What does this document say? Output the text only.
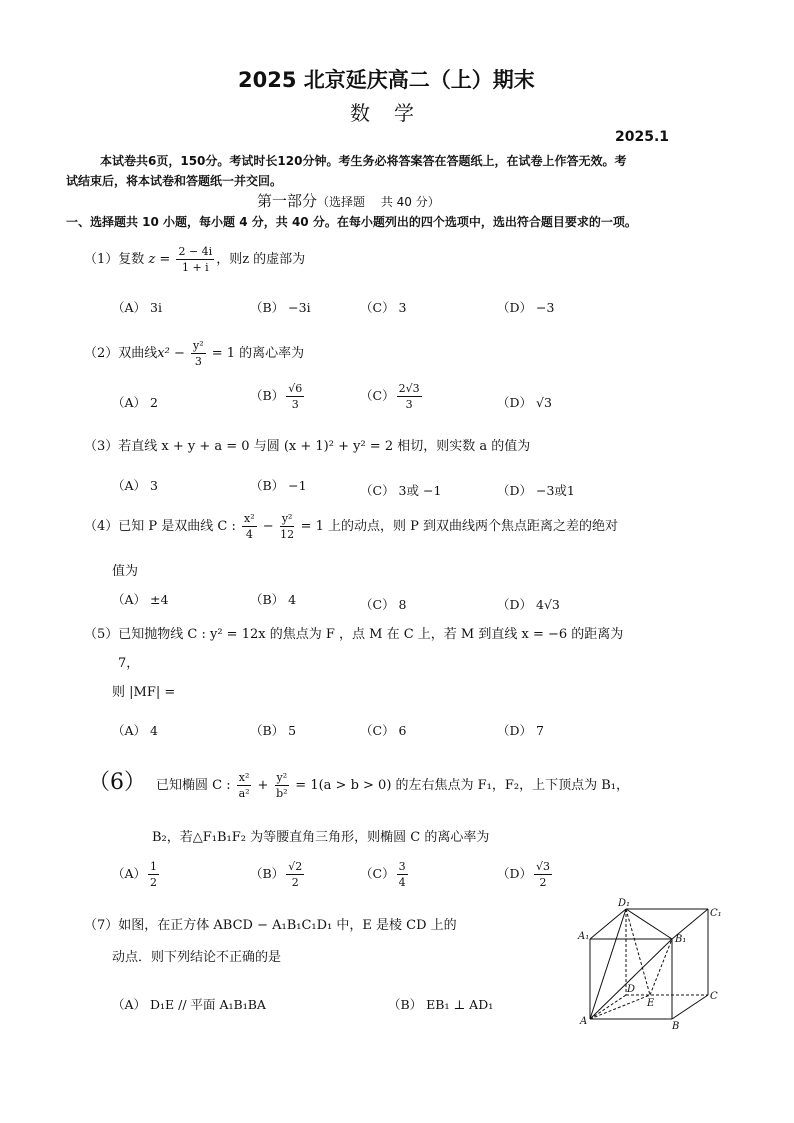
2025 北京延庆高二（上）期末
数　学
2025.1
本试卷共6页，150分。考试时长120分钟。考生务必将答案答在答题纸上，在试卷上作答无效。考
试结束后，将本试卷和答题纸一并交回。
第一部分（选择题　 共 40 分）
一、选择题共 10 小题，每小题 4 分，共 40 分。在每小题列出的四个选项中，选出符合题目要求的一项。
（1）复数 $z = \frac{2 - 4i}{1 + i}$ ，则z 的虚部为
（A） 3i	（B） −3i	（C） 3	（D） −3
（2）双曲线$x^2 - \frac{\text{y²}}{3} = 1$ 的离心率为
（A） 2	$(B) \frac{√6}{3}$	$(C) \frac{2√3}{3}$	（D） √3
（3）若直线 x + y + a = 0 与圆 (x + 1)² + y² = 2 相切，则实数 a 的值为
（A） 3	（B） −1	（C） 3或 −1	（D） −3或1
（4）已知 P 是双曲线 C : $\frac{\text{x²}}{4} - \frac{\text{y²}}{12} = 1$ 上的动点，则 P 到双曲线两个焦点距离之差的绝对
值为
（A） ±4	（B） 4	（C） 8	（D） 4√3
（5）已知抛物线 C : y² = 12x 的焦点为 F ，点 M 在 C 上，若 M 到直线 x = −6 的距离为
7，
则 |MF| =
（A） 4	（B） 5	（C） 6	（D） 7
（6） 已知椭圆 C : $\frac{\text{x²}}{\text{a²}} + \frac{\text{y²}}{\text{b²}} = 1(a > b > 0)$ 的左右焦点为 F₁，F₂，上下顶点为 B₁，
B₂，若△F₁B₁F₂ 为等腰直角三角形，则椭圆 C 的离心率为
$(A) \frac{1}{2}$	$(B) \frac{√2}{2}$	$(C) \frac{3}{4}$	$(D) \frac{√3}{2}$
（7）如图，在正方体 ABCD − A₁B₁C₁D₁ 中，E 是棱 CD 上的
动点．则下列结论不正确的是
（A） D₁E // 平面 A₁B₁BA	（B） EB₁ ⊥ AD₁
D₁
C₁
A₁	B₁
D
E
C
A	B
